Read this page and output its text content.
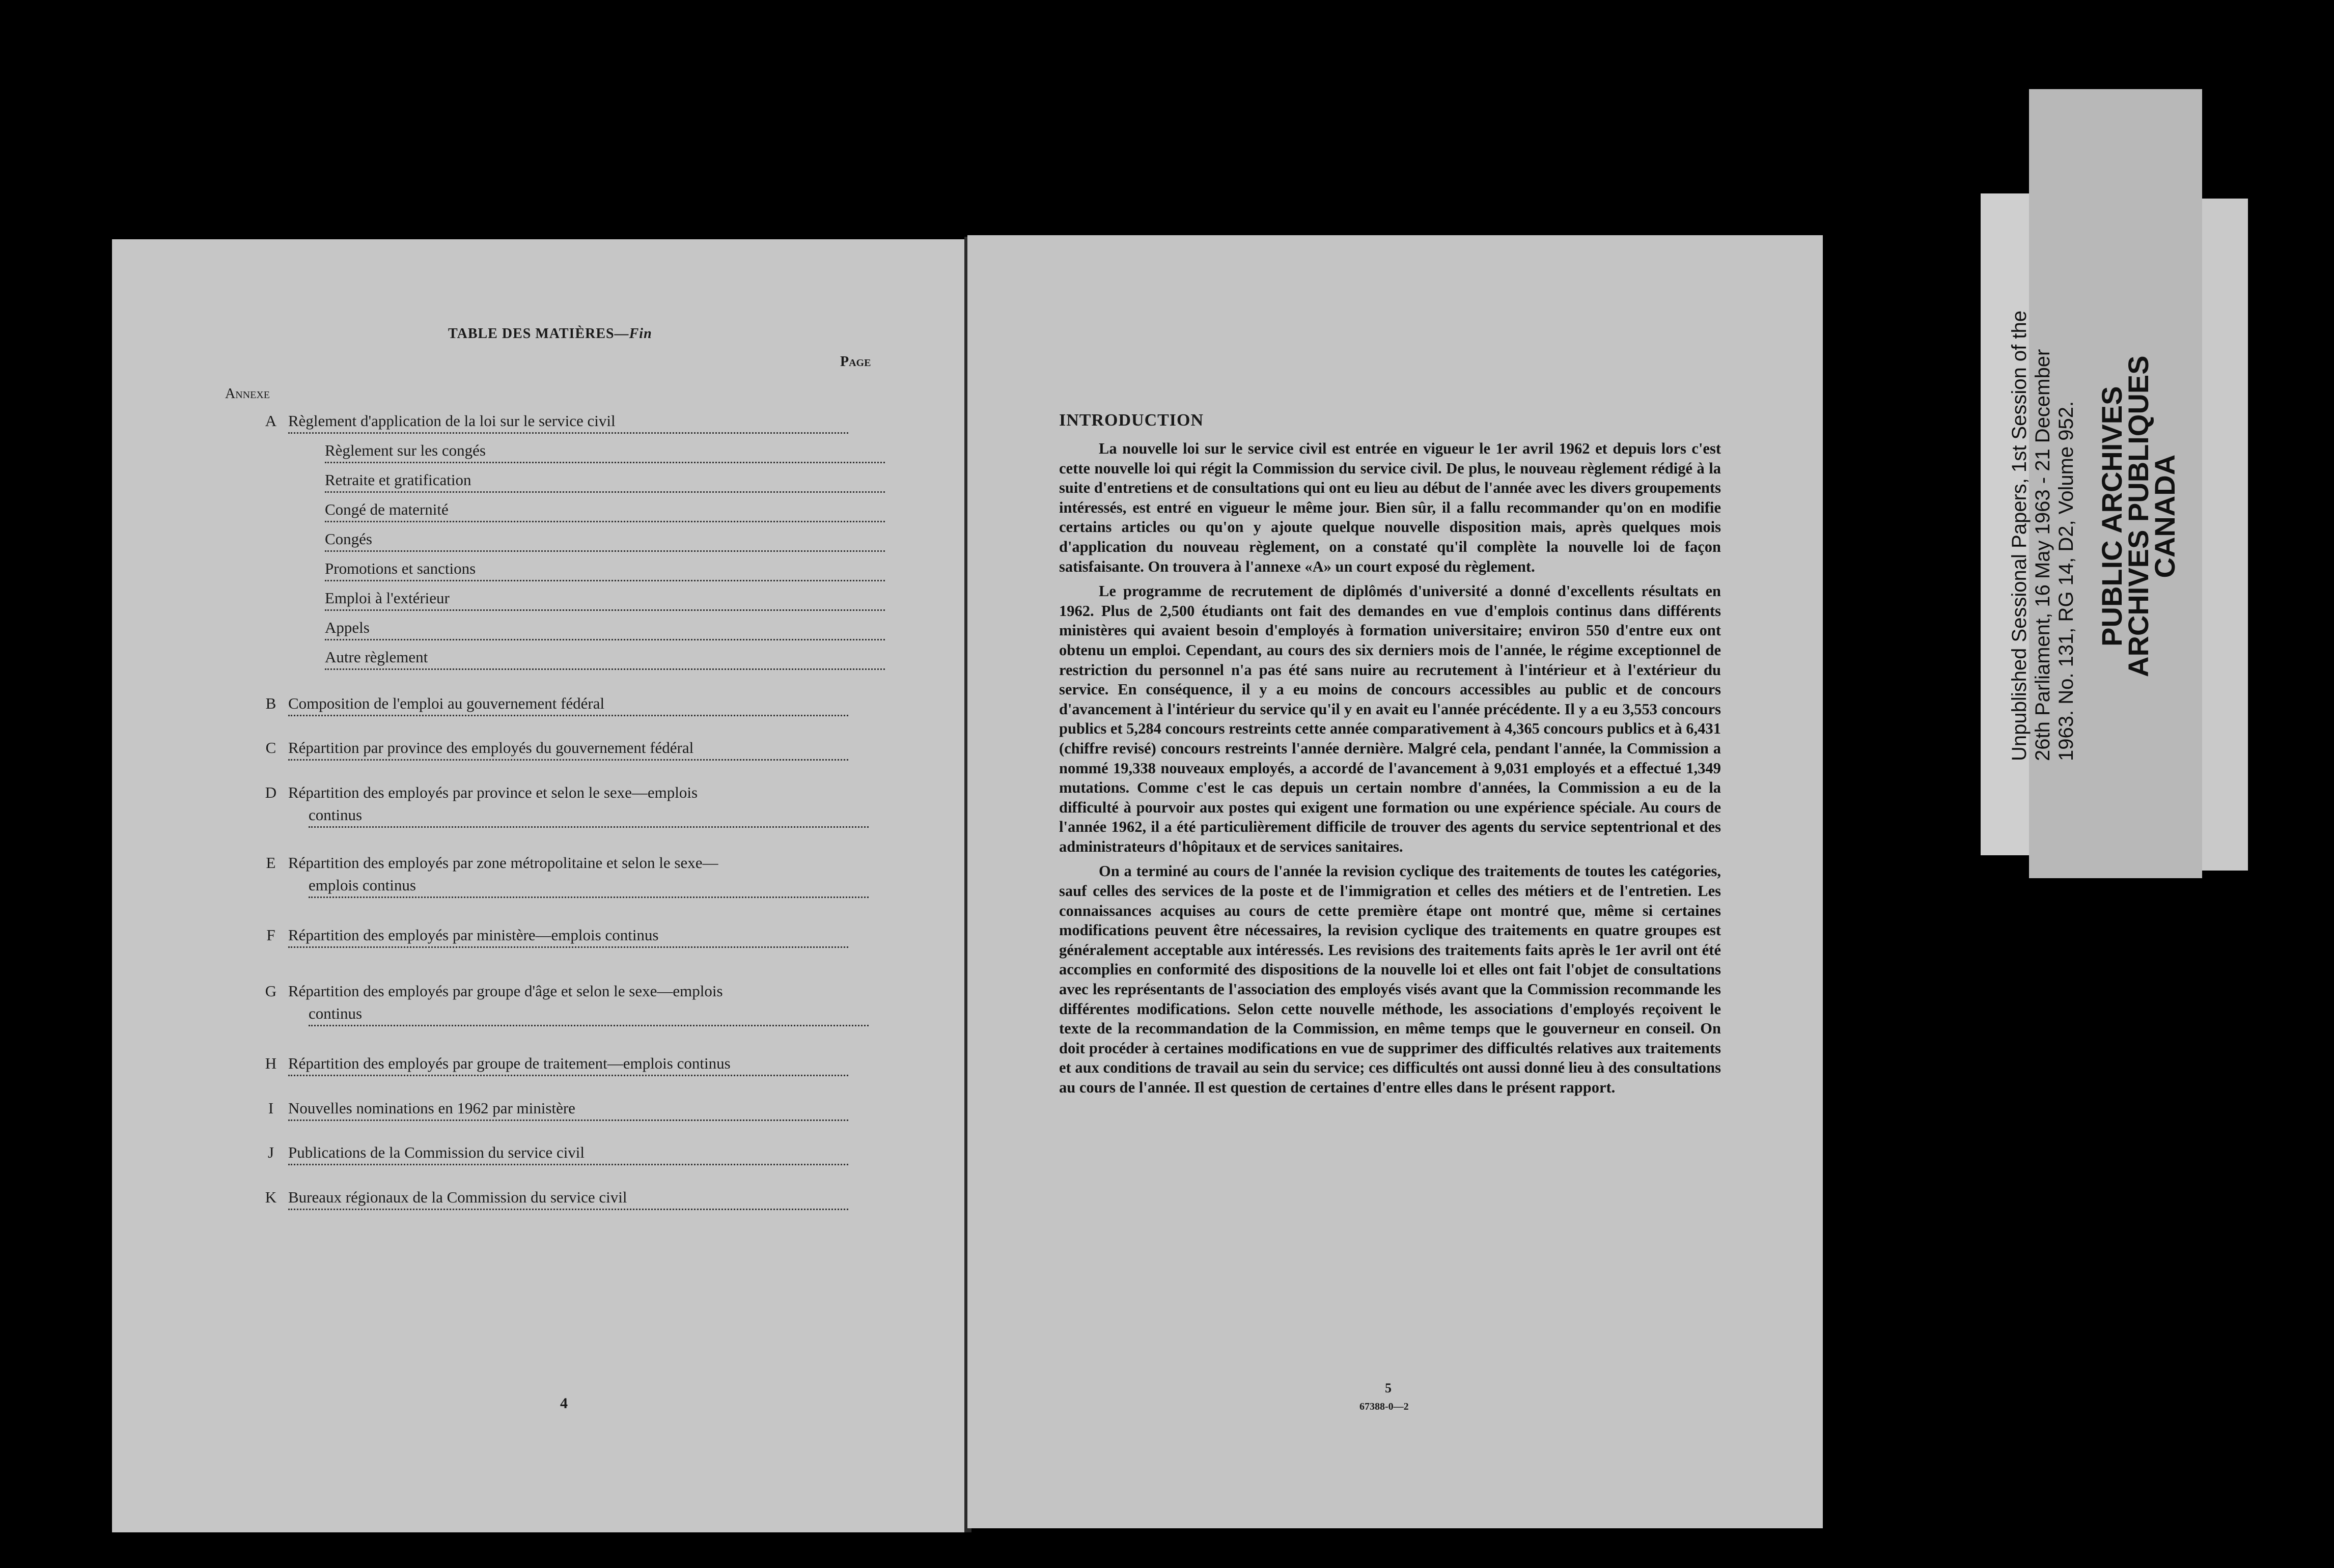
TABLE DES MATIÈRES—Fin
Page
Annexe
A Règlement d'application de la loi sur le service civil
Règlement sur les congés
Retraite et gratification
Congé de maternité
Congés
Promotions et sanctions
Emploi à l'extérieur
Appels
Autre règlement
B Composition de l'emploi au gouvernement fédéral
C Répartition par province des employés du gouvernement fédéral
D Répartition des employés par province et selon le sexe—emplois
continus
E Répartition des employés par zone métropolitaine et selon le sexe—
emplois continus
F Répartition des employés par ministère—emplois continus
G Répartition des employés par groupe d'âge et selon le sexe—emplois
continus
H Répartition des employés par groupe de traitement—emplois continus
I Nouvelles nominations en 1962 par ministère
J Publications de la Commission du service civil
K Bureaux régionaux de la Commission du service civil
4
INTRODUCTION

La nouvelle loi sur le service civil est entrée en vigueur le 1er avril 1962 et depuis lors c'est cette nouvelle loi qui régit la Commission du service civil. De plus, le nouveau règlement rédigé à la suite d'entretiens et de consultations qui ont eu lieu au début de l'année avec les divers groupements intéressés, est entré en vigueur le même jour. Bien sûr, il a fallu recommander qu'on en modifie certains articles ou qu'on y ajoute quelque nouvelle disposition mais, après quelques mois d'application du nouveau règlement, on a constaté qu'il complète la nouvelle loi de façon satisfaisante. On trouvera à l'annexe «A» un court exposé du règlement.

Le programme de recrutement de diplômés d'université a donné d'excellents résultats en 1962. Plus de 2,500 étudiants ont fait des demandes en vue d'emplois continus dans différents ministères qui avaient besoin d'employés à formation universitaire; environ 550 d'entre eux ont obtenu un emploi. Cependant, au cours des six derniers mois de l'année, le régime exceptionnel de restriction du personnel n'a pas été sans nuire au recrutement à l'intérieur et à l'extérieur du service. En conséquence, il y a eu moins de concours accessibles au public et de concours d'avancement à l'intérieur du service qu'il y en avait eu l'année précédente. Il y a eu 3,553 concours publics et 5,284 concours restreints cette année comparativement à 4,365 concours publics et à 6,431 (chiffre revisé) concours restreints l'année dernière. Malgré cela, pendant l'année, la Commission a nommé 19,338 nouveaux employés, a accordé de l'avancement à 9,031 employés et a effectué 1,349 mutations. Comme c'est le cas depuis un certain nombre d'années, la Commission a eu de la difficulté à pourvoir aux postes qui exigent une formation ou une expérience spéciale. Au cours de l'année 1962, il a été particulièrement difficile de trouver des agents du service septentrional et des administrateurs d'hôpitaux et de services sanitaires.

On a terminé au cours de l'année la revision cyclique des traitements de toutes les catégories, sauf celles des services de la poste et de l'immigration et celles des métiers et de l'entretien. Les connaissances acquises au cours de cette première étape ont montré que, même si certaines modifications peuvent être nécessaires, la revision cyclique des traitements en quatre groupes est généralement acceptable aux intéressés. Les revisions des traitements faits après le 1er avril ont été accomplies en conformité des dispositions de la nouvelle loi et elles ont fait l'objet de consultations avec les représentants de l'association des employés visés avant que la Commission recommande les différentes modifications. Selon cette nouvelle méthode, les associations d'employés reçoivent le texte de la recommandation de la Commission, en même temps que le gouverneur en conseil. On doit procéder à certaines modifications en vue de supprimer des difficultés relatives aux traitements et aux conditions de travail au sein du service; ces difficultés ont aussi donné lieu à des consultations au cours de l'année. Il est question de certaines d'entre elles dans le présent rapport.

5
67388-0—2
Unpublished Sessional Papers, 1st Session of the 26th Parliament, 16 May 1963 - 21 December 1963. No. 131, RG 14, D2, Volume 952. PUBLIC ARCHIVES
ARCHIVES PUBLIQUES
CANADA
